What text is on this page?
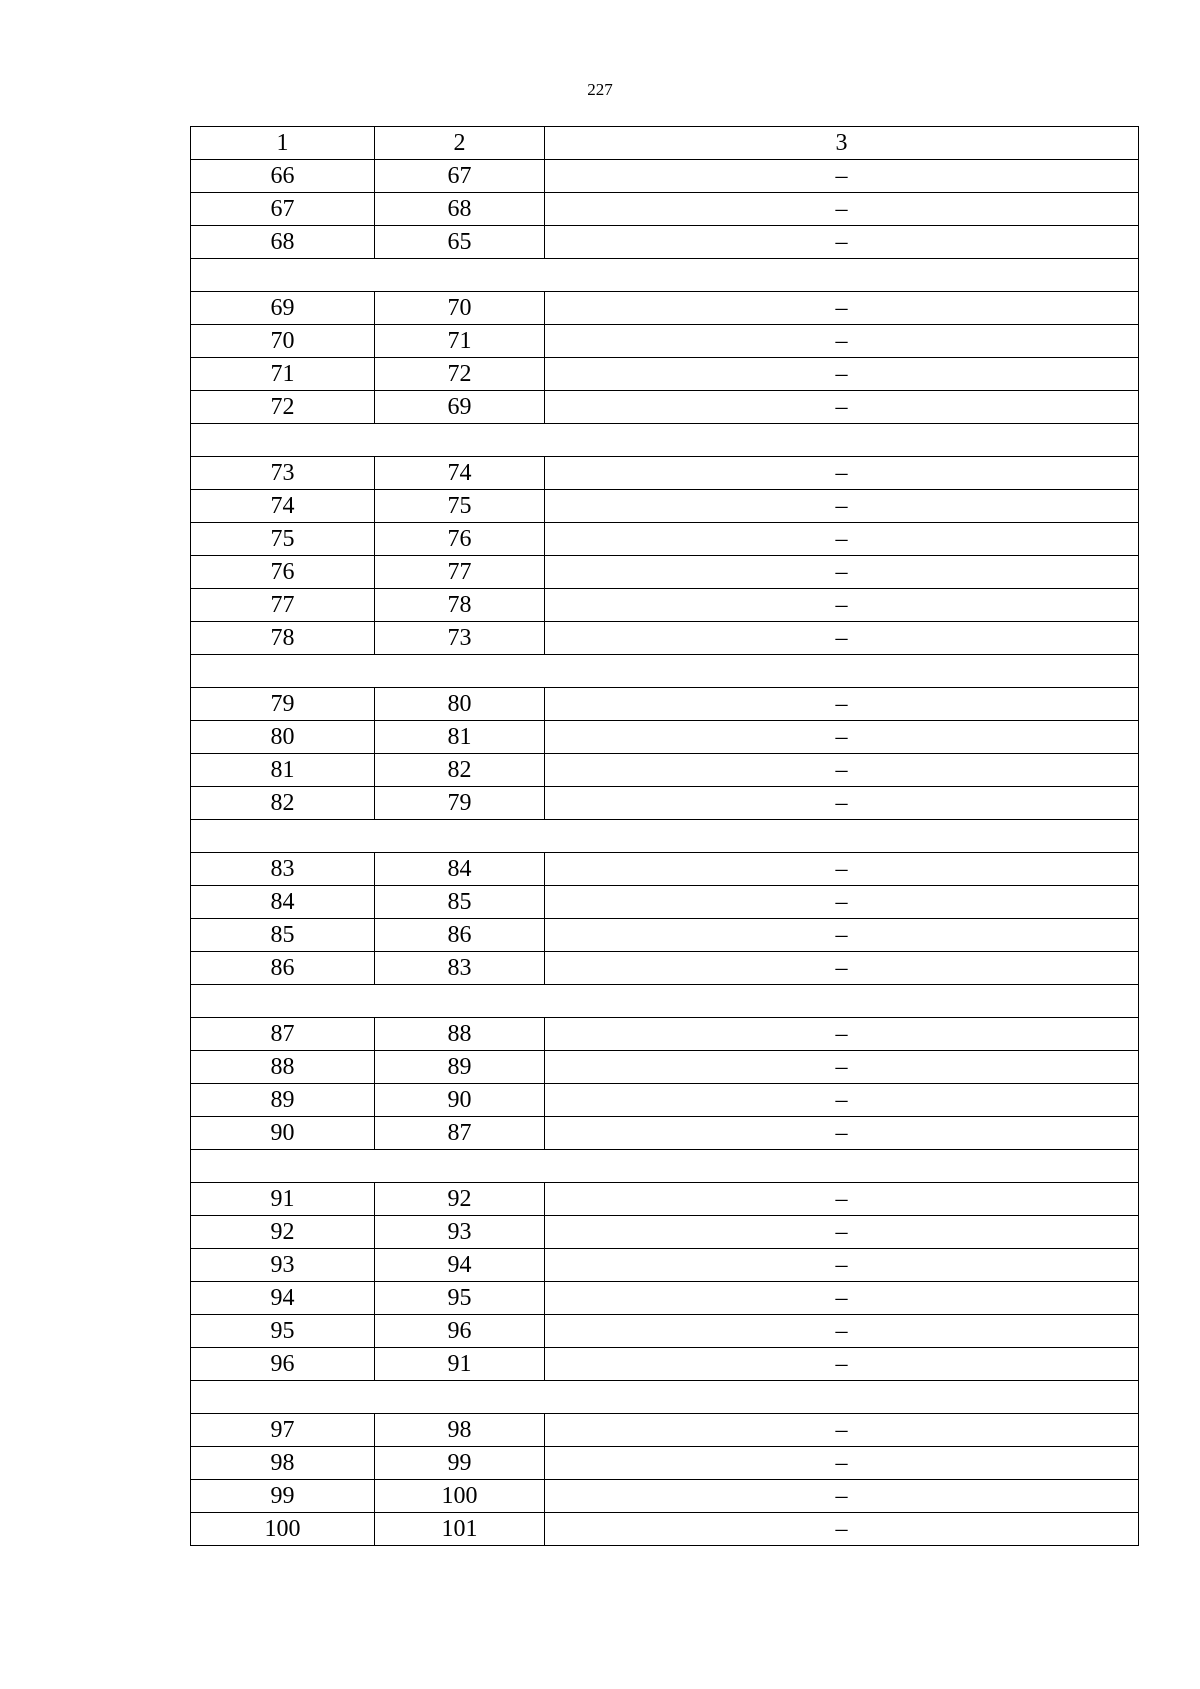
227
1	2	3
66	67	–
67	68	–
68	65	–

69	70	–
70	71	–
71	72	–
72	69	–

73	74	–
74	75	–
75	76	–
76	77	–
77	78	–
78	73	–

79	80	–
80	81	–
81	82	–
82	79	–

83	84	–
84	85	–
85	86	–
86	83	–

87	88	–
88	89	–
89	90	–
90	87	–

91	92	–
92	93	–
93	94	–
94	95	–
95	96	–
96	91	–

97	98	–
98	99	–
99	100	–
100	101	–
